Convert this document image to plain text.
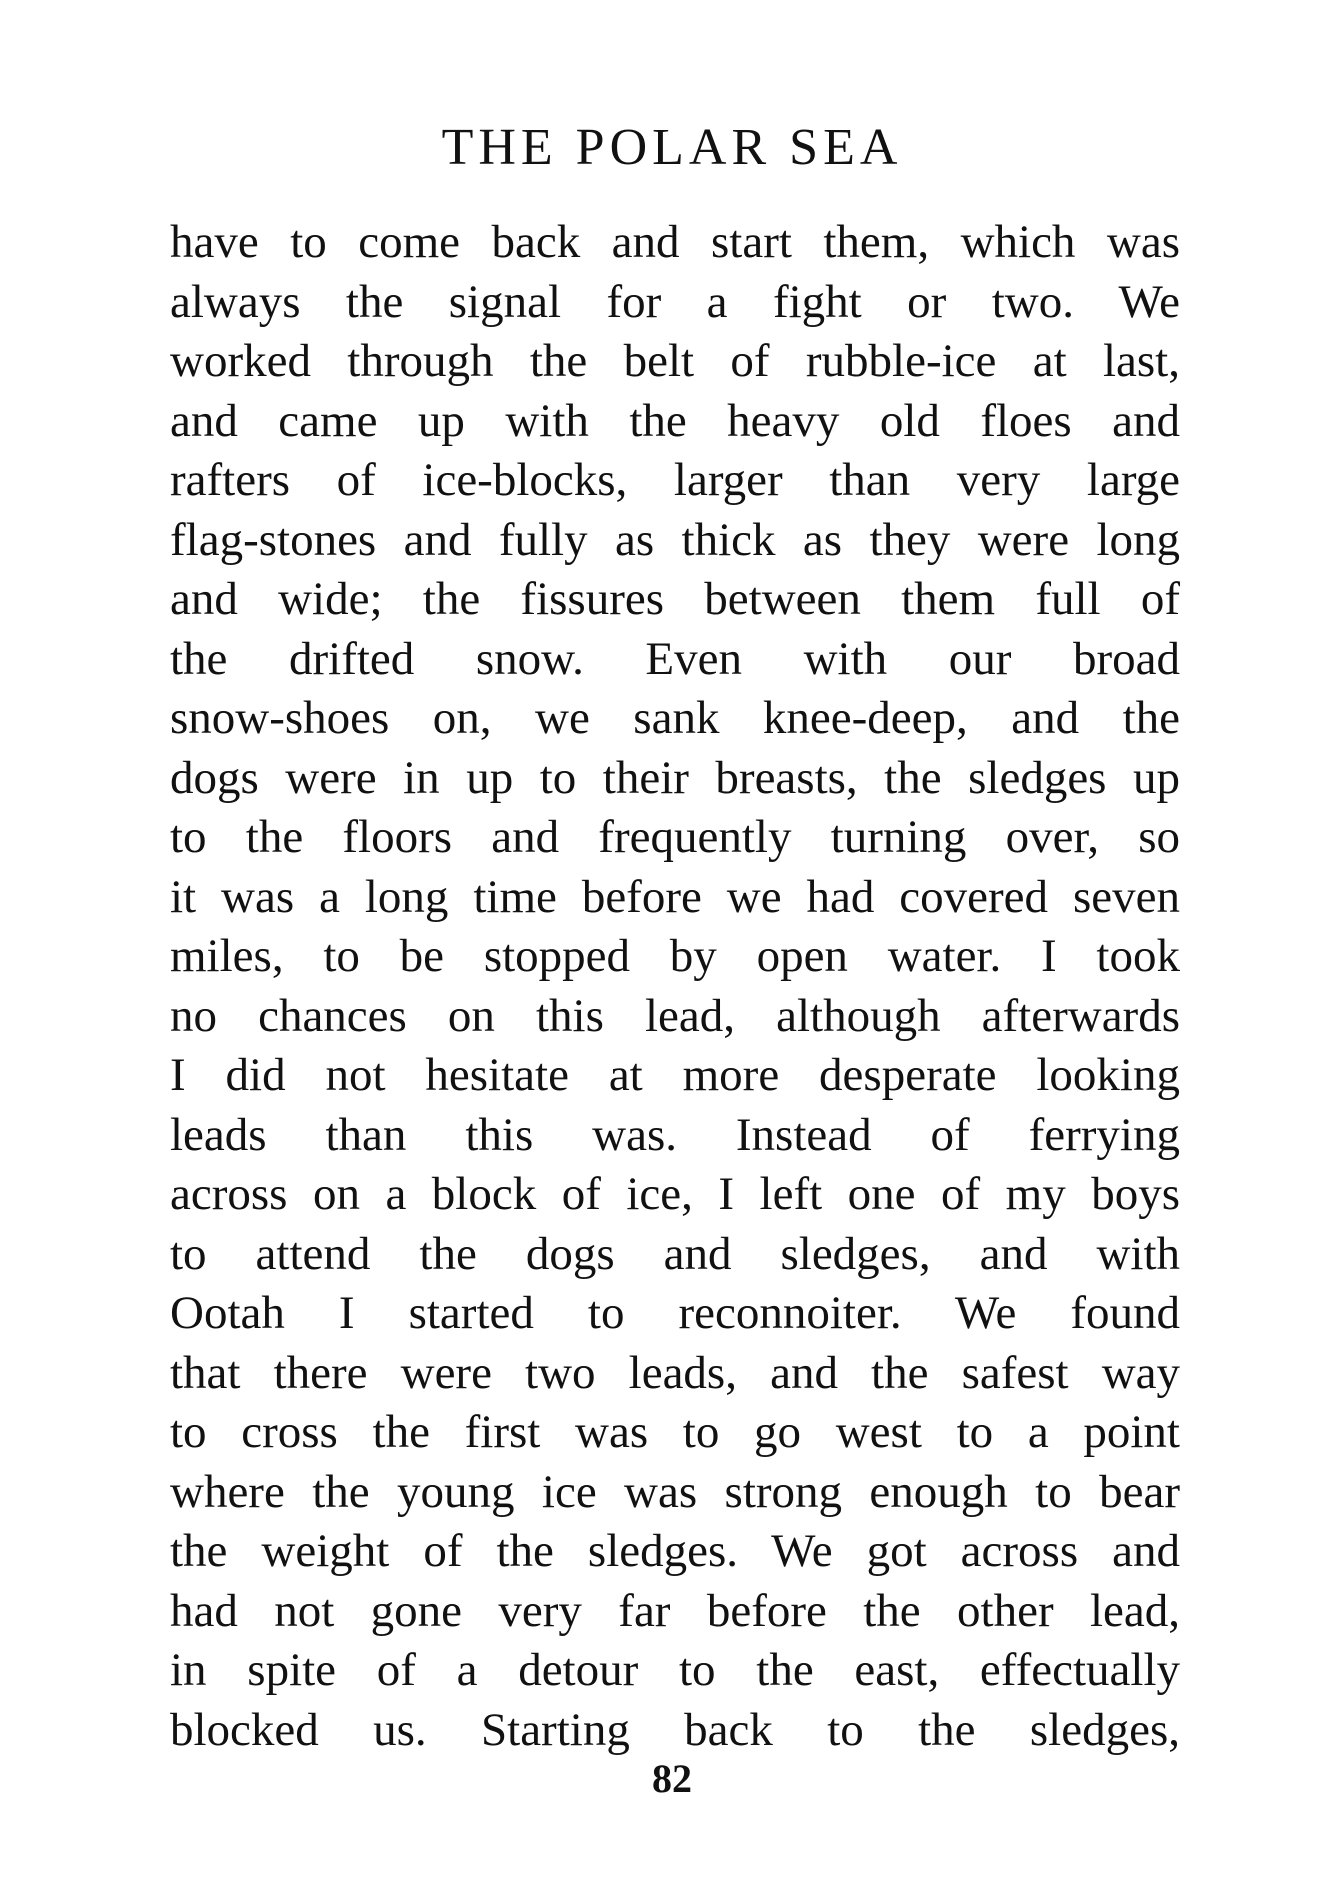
THE POLAR SEA
have to come back and start them, which was
always the signal for a fight or two. We
worked through the belt of rubble-ice at last,
and came up with the heavy old floes and
rafters of ice-blocks, larger than very large
flag-stones and fully as thick as they were long
and wide; the fissures between them full of
the drifted snow. Even with our broad
snow-shoes on, we sank knee-deep, and the
dogs were in up to their breasts, the sledges up
to the floors and frequently turning over, so
it was a long time before we had covered seven
miles, to be stopped by open water. I took
no chances on this lead, although afterwards
I did not hesitate at more desperate looking
leads than this was. Instead of ferrying
across on a block of ice, I left one of my boys
to attend the dogs and sledges, and with
Ootah I started to reconnoiter. We found
that there were two leads, and the safest way
to cross the first was to go west to a point
where the young ice was strong enough to bear
the weight of the sledges. We got across and
had not gone very far before the other lead,
in spite of a detour to the east, effectually
blocked us. Starting back to the sledges,
82
